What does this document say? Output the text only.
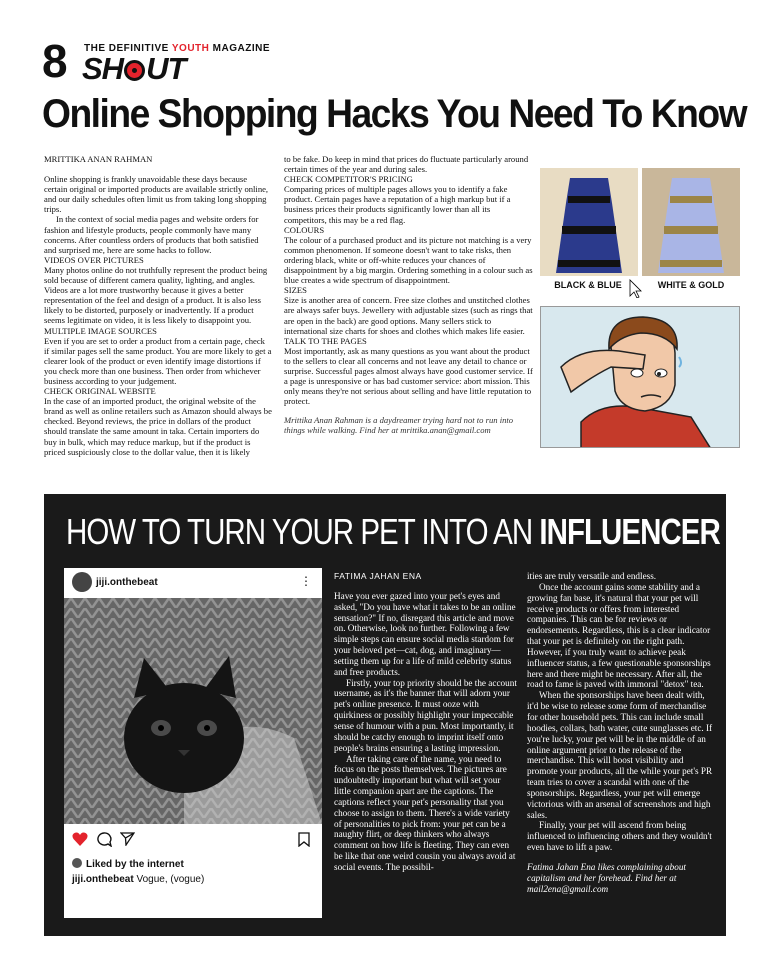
8 THE DEFINITIVE YOUTH MAGAZINE
SH UT
Online Shopping Hacks You Need To Know

MRITTIKA ANAN RAHMAN

Online shopping is frankly unavoidable these days because certain original or imported products are available strictly online, and our daily schedules often limit us from taking long shopping trips.

In the context of social media pages and website orders for fashion and lifestyle products, people commonly have many concerns. After countless orders of products that both satisfied and surprised me, here are some hacks to follow.

VIDEOS OVER PICTURES

Many photos online do not truthfully represent the product being sold because of different camera quality, lighting, and angles. Videos are a lot more trustworthy because it gives a better representation of the feel and design of a product. It is also less likely to be distorted, purposely or inadvertently. If a product seems legitimate on video, it is less likely to disappoint you.

MULTIPLE IMAGE SOURCES

Even if you are set to order a product from a certain page, check if similar pages sell the same product. You are more likely to get a clearer look of the product or even identify image distortions if you check more than one business. Then order from whichever business according to your judgement.

CHECK ORIGINAL WEBSITE

In the case of an imported product, the original website of the brand as well as online retailers such as Amazon should always be checked. Beyond reviews, the price in dollars of the product should translate the same amount in taka. Certain importers do buy in bulk, which may reduce markup, but if the product is priced suspiciously close to the dollar value, then it is likely

to be fake. Do keep in mind that prices do fluctuate particularly around certain times of the year and during sales.

CHECK COMPETITOR'S PRICING

Comparing prices of multiple pages allows you to identify a fake product. Certain pages have a reputation of a high markup but if a business prices their products significantly lower than all its competitors, this may be a red flag.

COLOURS

The colour of a purchased product and its picture not matching is a very common phenomenon. If someone doesn't want to take risks, then ordering black, white or off-white reduces your chances of disappointment by a big margin. Ordering something in a colour such as blue creates a wide spectrum of disappointment.

SIZES

Size is another area of concern. Free size clothes and unstitched clothes are always safer buys. Jewellery with adjustable sizes (such as rings that are open in the back) are good options. Many sellers stick to international size charts for shoes and clothes which makes life easier.

TALK TO THE PAGES

Most importantly, ask as many questions as you want about the product to the sellers to clear all concerns and not leave any detail to chance or surprise. Successful pages almost always have good customer service. If a page is unresponsive or has bad customer service: abort mission. This only means they're not serious about selling and have little reputation to protect.

Mrittika Anan Rahman is a daydreamer trying hard not to run into things while walking. Find her at mrittika.anan@gmail.com

BLACK & BLUE	WHITE & GOLD
HOW TO TURN YOUR PET INTO AN INFLUENCER
jiji.onthebeat	⋮
Liked by the internet
jiji.onthebeat Vogue, (vogue)

FATIMA JAHAN ENA

Have you ever gazed into your pet's eyes and asked, "Do you have what it takes to be an online sensation?" If no, disregard this article and move on. Otherwise, look no further. Following a few simple steps can ensure social media stardom for your beloved pet—cat, dog, and imaginary—setting them up for a life of mild celebrity status and free products.

Firstly, your top priority should be the account username, as it's the banner that will adorn your pet's online presence. It must ooze with quirkiness or possibly highlight your impeccable sense of humour with a pun. Most importantly, it should be catchy enough to imprint itself onto people's brains ensuring a lasting impression.

After taking care of the name, you need to focus on the posts themselves. The pictures are undoubtedly important but what will set your little companion apart are the captions. The captions reflect your pet's personality that you choose to assign to them. There's a wide variety of personalities to pick from: your pet can be a naughty flirt, or deep thinkers who always comment on how life is fleeting. They can even be like that one weird cousin you always avoid at social events. The possibil-

ities are truly versatile and endless.

Once the account gains some stability and a growing fan base, it's natural that your pet will receive products or offers from interested companies. This can be for reviews or endorsements. Regardless, this is a clear indicator that your pet is definitely on the right path. However, if you truly want to achieve peak influencer status, a few questionable sponsorships here and there might be necessary. After all, the road to fame is paved with immoral "detox" tea.

When the sponsorships have been dealt with, it'd be wise to release some form of merchandise for other household pets. This can include small hoodies, collars, bath water, cute sunglasses etc. If you're lucky, your pet will be in the middle of an online argument prior to the release of the merchandise. This will boost visibility and promote your products, all the while your pet's PR team tries to cover a scandal with one of the sponsorships. Regardless, your pet will emerge victorious with an arsenal of screenshots and high sales.

Finally, your pet will ascend from being influenced to influencing others and they wouldn't even have to lift a paw.

Fatima Jahan Ena likes complaining about capitalism and her forehead. Find her at mail2ena@gmail.com
